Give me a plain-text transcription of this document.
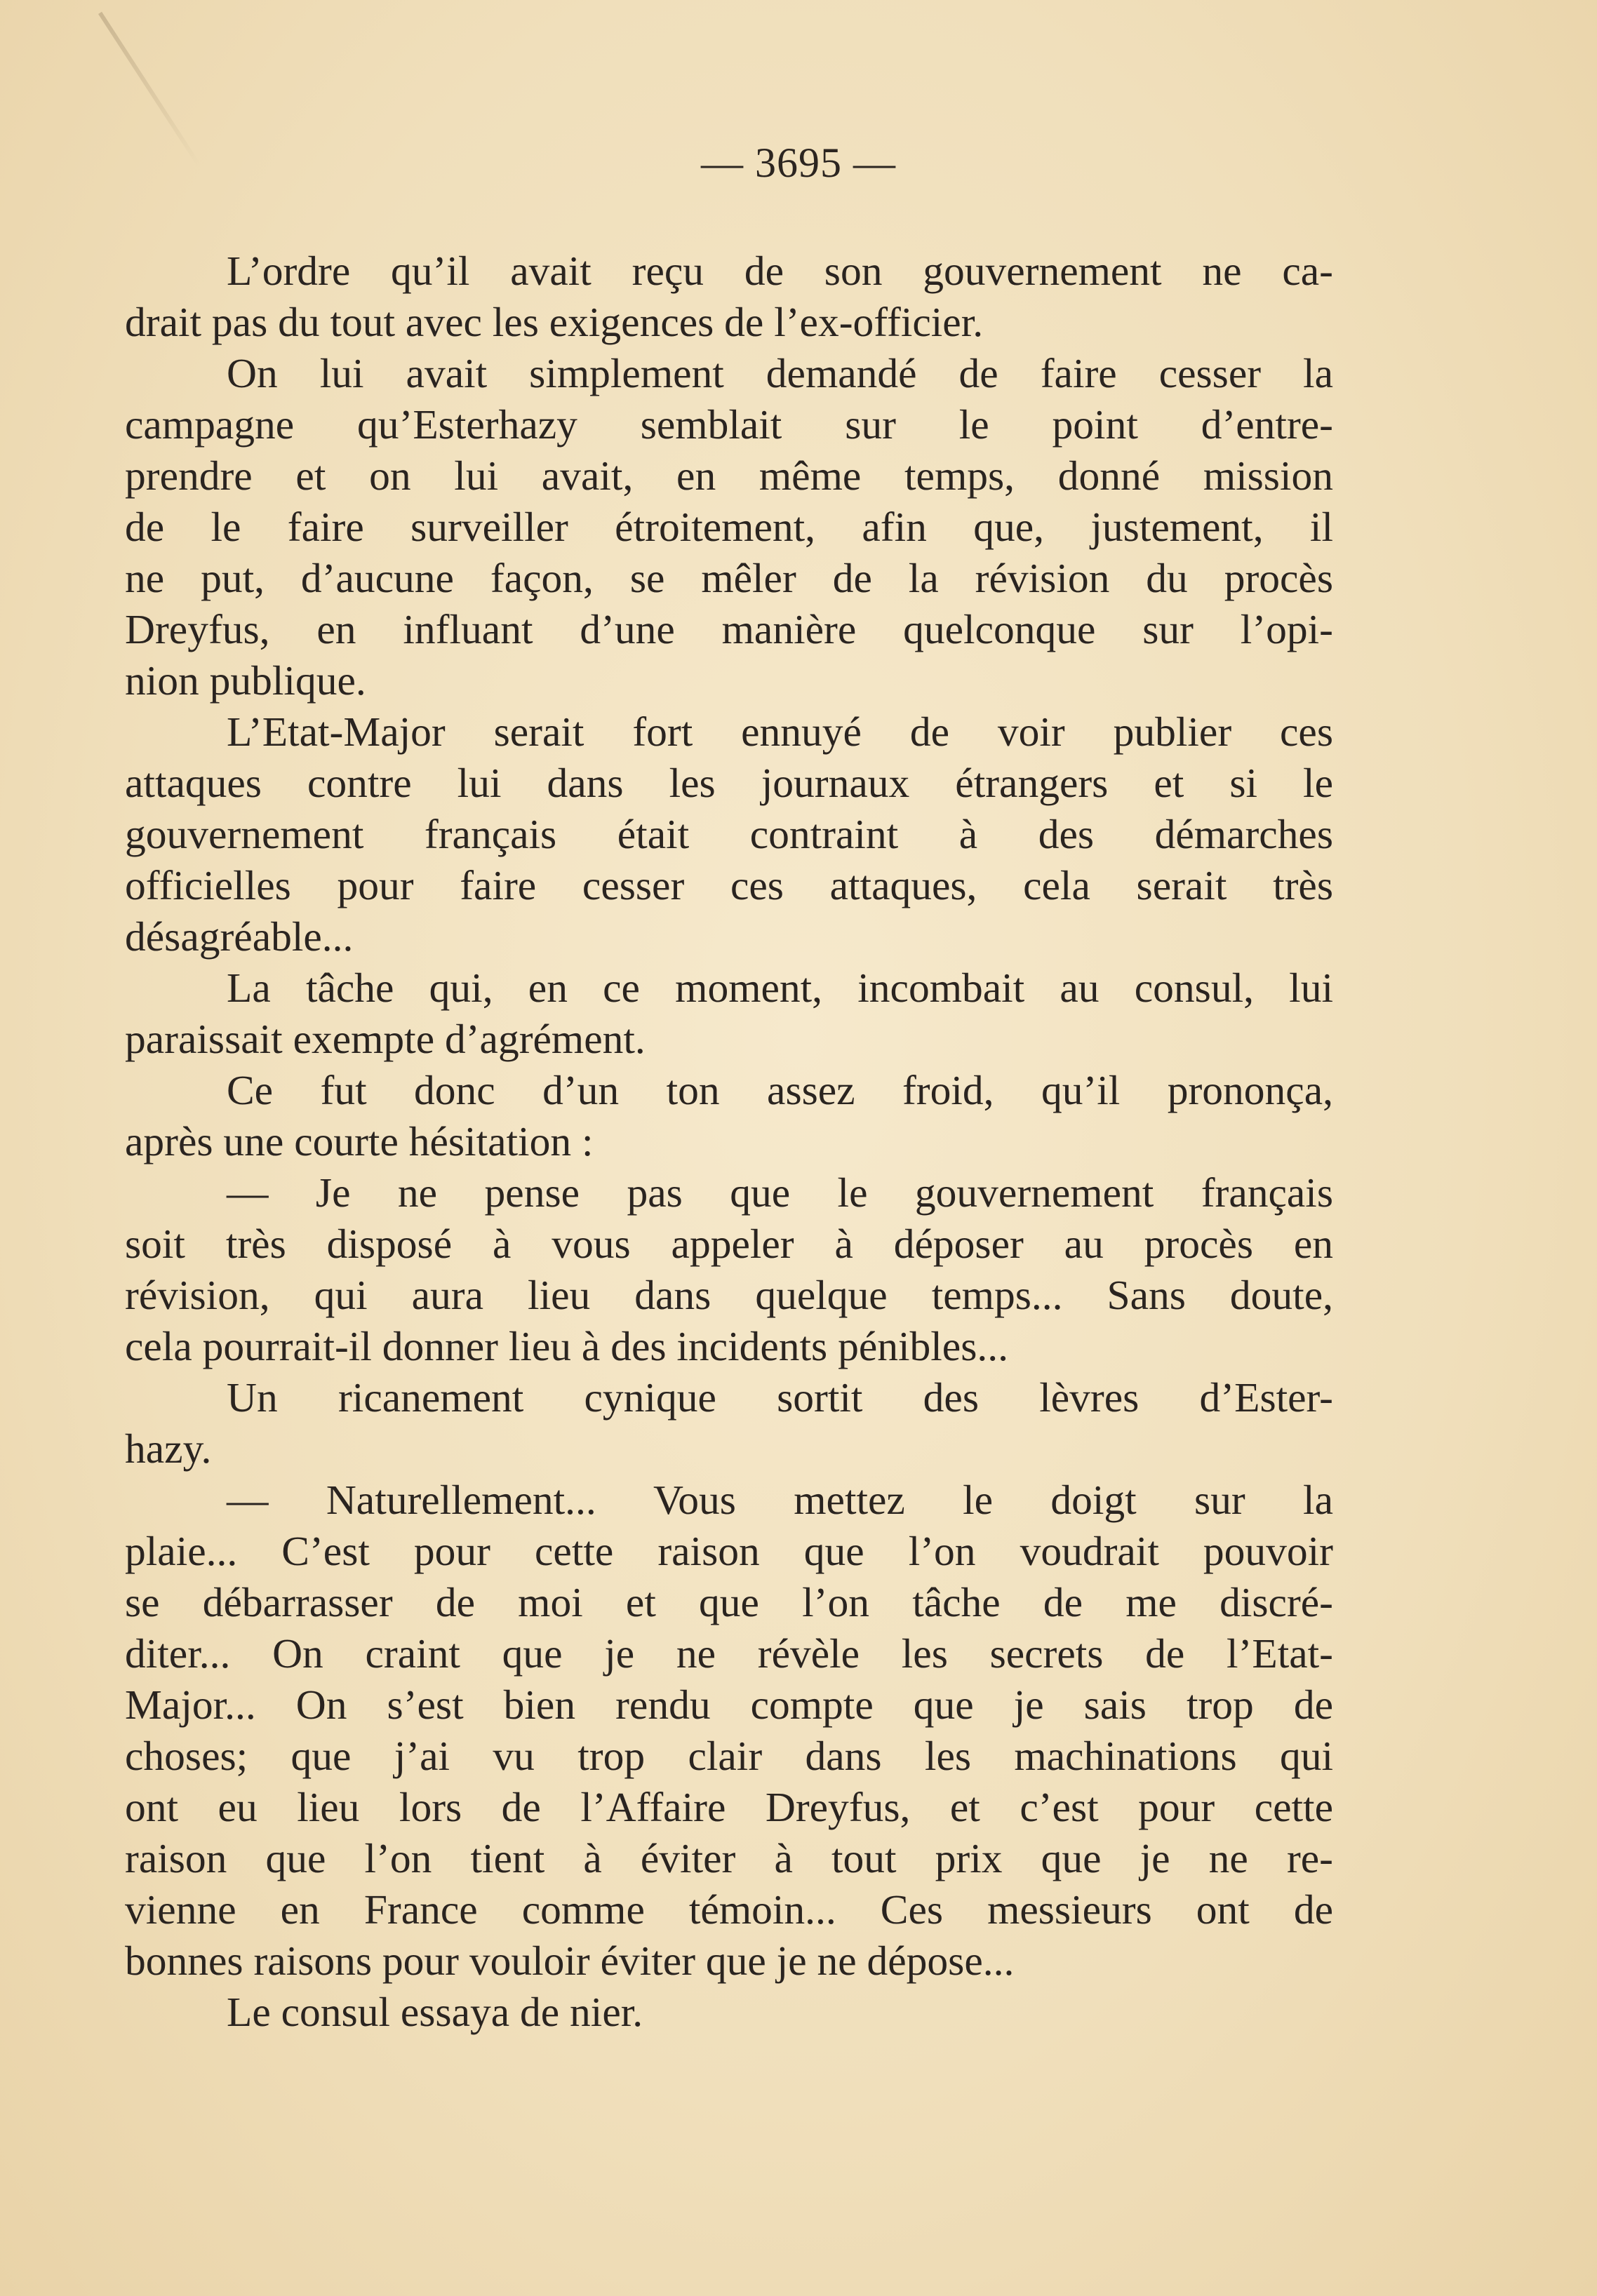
— 3695 —
L’ordre qu’il avait reçu de son gouvernement ne ca-
drait pas du tout avec les exigences de l’ex-officier.
On lui avait simplement demandé de faire cesser la
campagne qu’Esterhazy semblait sur le point d’entre-
prendre et on lui avait, en même temps, donné mission
de le faire surveiller étroitement, afin que, justement, il
ne put, d’aucune façon, se mêler de la révision du procès
Dreyfus, en influant d’une manière quelconque sur l’opi-
nion publique.
L’Etat-Major serait fort ennuyé de voir publier ces
attaques contre lui dans les journaux étrangers et si le
gouvernement français était contraint à des démarches
officielles pour faire cesser ces attaques, cela serait très
désagréable...
La tâche qui, en ce moment, incombait au consul, lui
paraissait exempte d’agrément.
Ce fut donc d’un ton assez froid, qu’il prononça,
après une courte hésitation :
— Je ne pense pas que le gouvernement français
soit très disposé à vous appeler à déposer au procès en
révision, qui aura lieu dans quelque temps... Sans doute,
cela pourrait-il donner lieu à des incidents pénibles...
Un ricanement cynique sortit des lèvres d’Ester-
hazy.
— Naturellement... Vous mettez le doigt sur la
plaie... C’est pour cette raison que l’on voudrait pouvoir
se débarrasser de moi et que l’on tâche de me discré-
diter... On craint que je ne révèle les secrets de l’Etat-
Major... On s’est bien rendu compte que je sais trop de
choses; que j’ai vu trop clair dans les machinations qui
ont eu lieu lors de l’Affaire Dreyfus, et c’est pour cette
raison que l’on tient à éviter à tout prix que je ne re-
vienne en France comme témoin... Ces messieurs ont de
bonnes raisons pour vouloir éviter que je ne dépose...
Le consul essaya de nier.
